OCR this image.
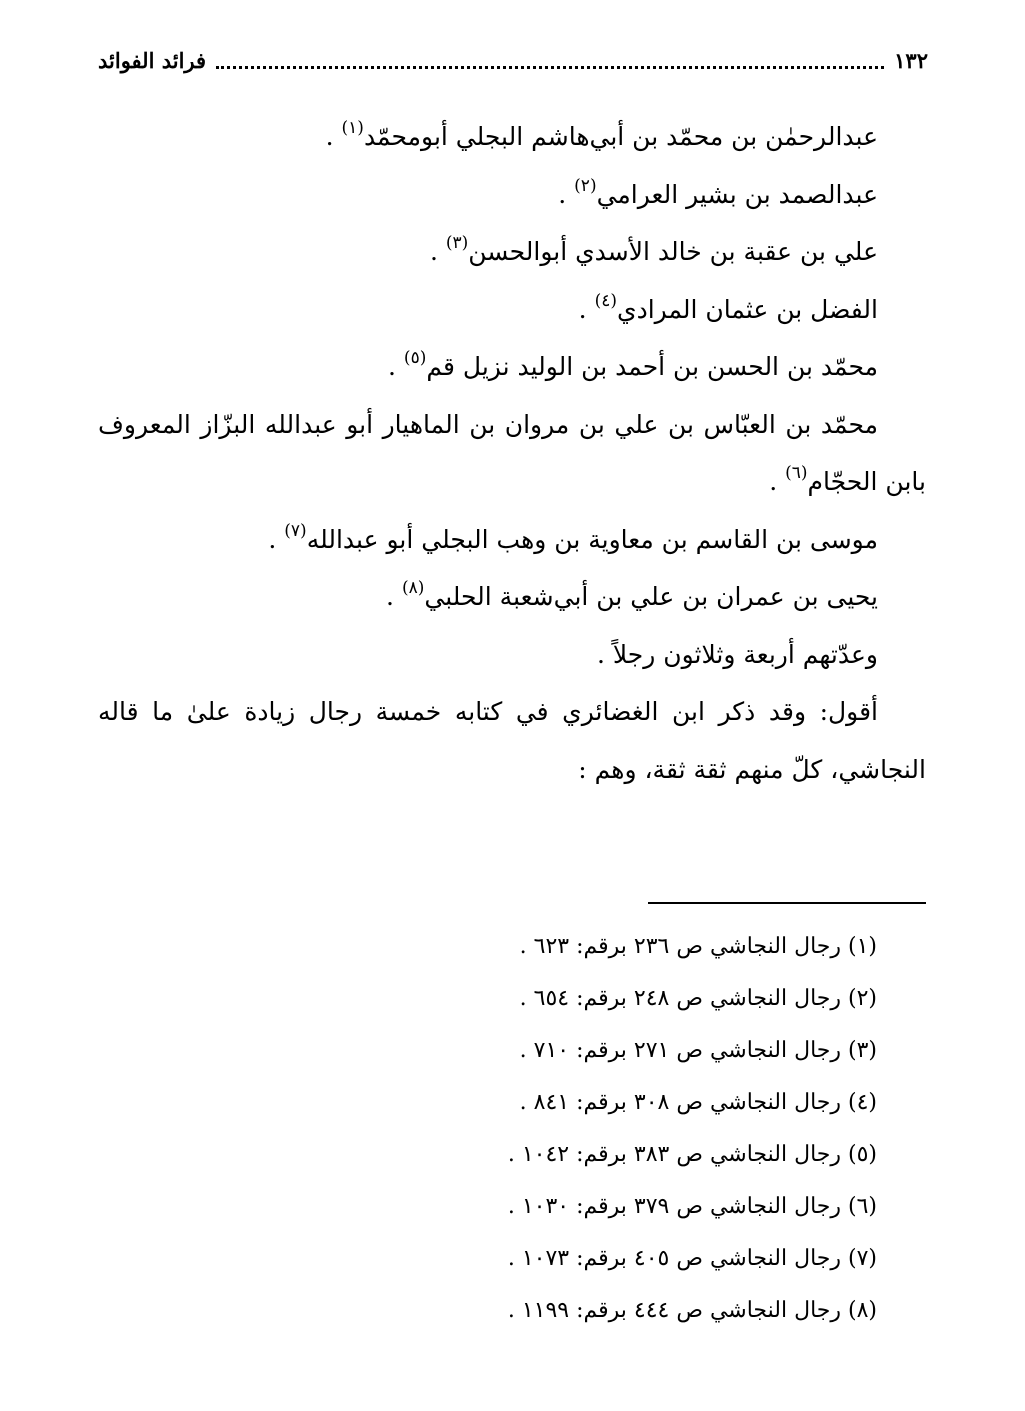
١٣٢
فرائد الفوائد

عبدالرحمٰن بن محمّد بن أبي‌هاشم البجلي أبومحمّد$^{(١)}$ .

عبدالصمد بن بشير العرامي$^{(٢)}$ .

علي بن عقبة بن خالد الأسدي أبوالحسن$^{(٣)}$ .

الفضل بن عثمان المرادي$^{(٤)}$ .

محمّد بن الحسن بن أحمد بن الوليد نزيل قم$^{(٥)}$ .

محمّد بن العبّاس بن علي بن مروان بن الماهيار أبو عبدالله البزّاز المعروف بابن الحجّام$^{(٦)}$ .

موسى بن القاسم بن معاوية بن وهب البجلي أبو عبدالله$^{(٧)}$ .

يحيى بن عمران بن علي بن أبي‌شعبة الحلبي$^{(٨)}$ .

وعدّتهم أربعة وثلاثون رجلاً .

أقول: وقد ذكر ابن الغضائري في كتابه خمسة رجال زيادة علىٰ ما قاله النجاشي، كلّ منهم ثقة ثقة، وهم :

(١) رجال النجاشي ص ٢٣٦ برقم: ٦٢٣ .
(٢) رجال النجاشي ص ٢٤٨ برقم: ٦٥٤ .
(٣) رجال النجاشي ص ٢٧١ برقم: ٧١٠ .
(٤) رجال النجاشي ص ٣٠٨ برقم: ٨٤١ .
(٥) رجال النجاشي ص ٣٨٣ برقم: ١٠٤٢ .
(٦) رجال النجاشي ص ٣٧٩ برقم: ١٠٣٠ .
(٧) رجال النجاشي ص ٤٠٥ برقم: ١٠٧٣ .
(٨) رجال النجاشي ص ٤٤٤ برقم: ١١٩٩ .
